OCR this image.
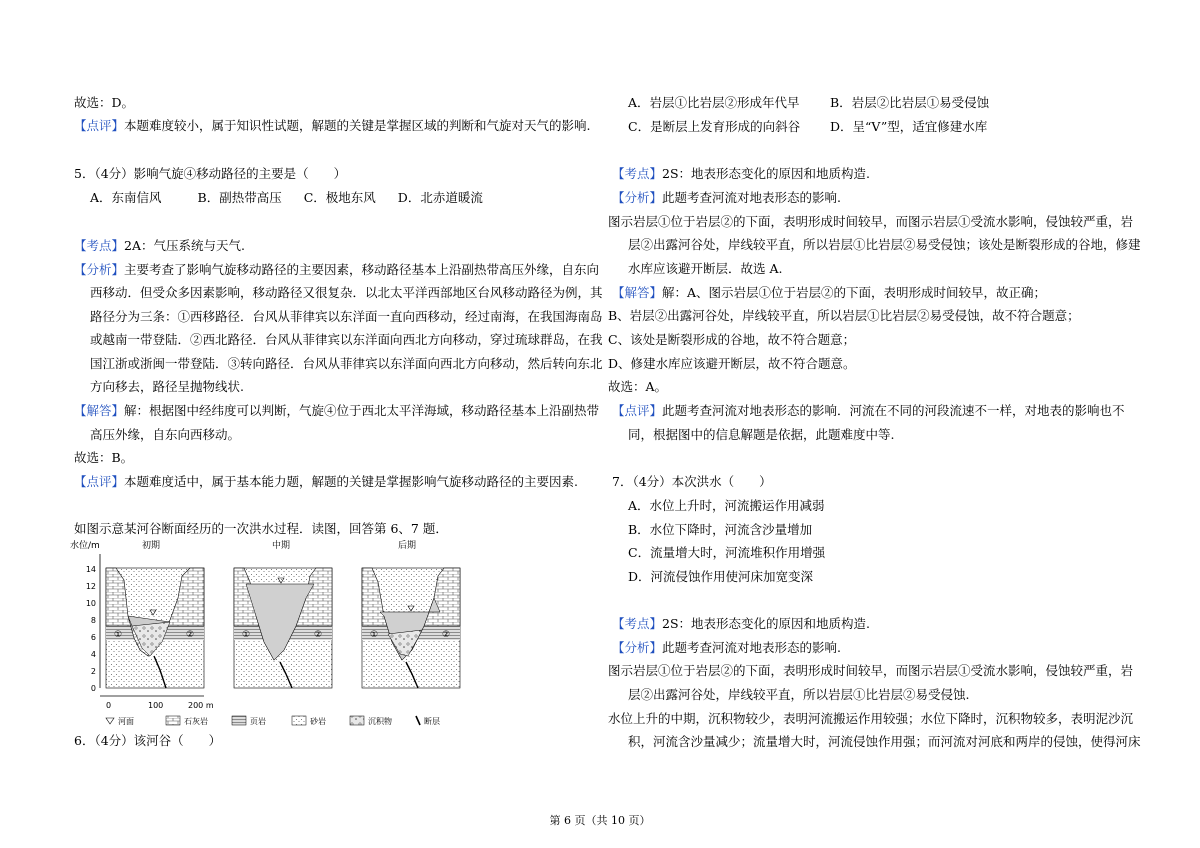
故选：D。
【点评】本题难度较小，属于知识性试题，解题的关键是掌握区域的判断和气旋对天气的影响.
5．（4分）影响气旋④移动路径的主要是（　　）
A．东南信风	B．副热带高压 C．极地东风 D．北赤道暖流
【考点】2A：气压系统与天气.
【分析】主要考查了影响气旋移动路径的主要因素，移动路径基本上沿副热带高压外缘，自东向
西移动．但受众多因素影响，移动路径又很复杂．以北太平洋西部地区台风移动路径为例，其
路径分为三条：①西移路径．台风从菲律宾以东洋面一直向西移动，经过南海，在我国海南岛
或越南一带登陆．②西北路径．台风从菲律宾以东洋面向西北方向移动，穿过琉球群岛，在我
国江浙或浙闽一带登陆．③转向路径．台风从菲律宾以东洋面向西北方向移动，然后转向东北
方向移去，路径呈抛物线状.
【解答】解：根据图中经纬度可以判断，气旋④位于西北太平洋海域，移动路径基本上沿副热带
高压外缘，自东向西移动。
故选：B。
【点评】本题难度适中，属于基本能力题，解题的关键是掌握影响气旋移动路径的主要因素.
如图示意某河谷断面经历的一次洪水过程．读图，回答第 6、7 题．
6．（4分）该河谷（　　）
水位/m
14
12
10
8
6
4
2
0
初期
①	②
中期
①	②
后期
①	②
0	100	200 m
河面	石灰岩	页岩	砂岩	沉积物	断层
A．岩层①比岩层②形成年代早 B．岩层②比岩层①易受侵蚀
C．是断层上发育形成的向斜谷 D．呈“V”型，适宜修建水库
【考点】2S：地表形态变化的原因和地质构造.
【分析】此题考查河流对地表形态的影响.
图示岩层①位于岩层②的下面，表明形成时间较早，而图示岩层①受流水影响，侵蚀较严重，岩
层②出露河谷处，岸线较平直，所以岩层①比岩层②易受侵蚀；该处是断裂形成的谷地，修建
水库应该避开断层．故选 A.
【解答】解：A、图示岩层①位于岩层②的下面，表明形成时间较早，故正确；
B、岩层②出露河谷处，岸线较平直，所以岩层①比岩层②易受侵蚀，故不符合题意；
C、该处是断裂形成的谷地，故不符合题意；
D、修建水库应该避开断层，故不符合题意。
故选：A。
【点评】此题考查河流对地表形态的影响．河流在不同的河段流速不一样，对地表的影响也不
同，根据图中的信息解题是依据，此题难度中等.
7．（4分）本次洪水（　　）
A．水位上升时，河流搬运作用减弱
B．水位下降时，河流含沙量增加
C．流量增大时，河流堆积作用增强
D．河流侵蚀作用使河床加宽变深
【考点】2S：地表形态变化的原因和地质构造.
【分析】此题考查河流对地表形态的影响.
图示岩层①位于岩层②的下面，表明形成时间较早，而图示岩层①受流水影响，侵蚀较严重，岩
层②出露河谷处，岸线较平直，所以岩层①比岩层②易受侵蚀.
水位上升的中期，沉积物较少，表明河流搬运作用较强；水位下降时，沉积物较多，表明泥沙沉
积，河流含沙量减少；流量增大时，河流侵蚀作用强；而河流对河底和两岸的侵蚀，使得河床
第 6 页（共 10 页）
